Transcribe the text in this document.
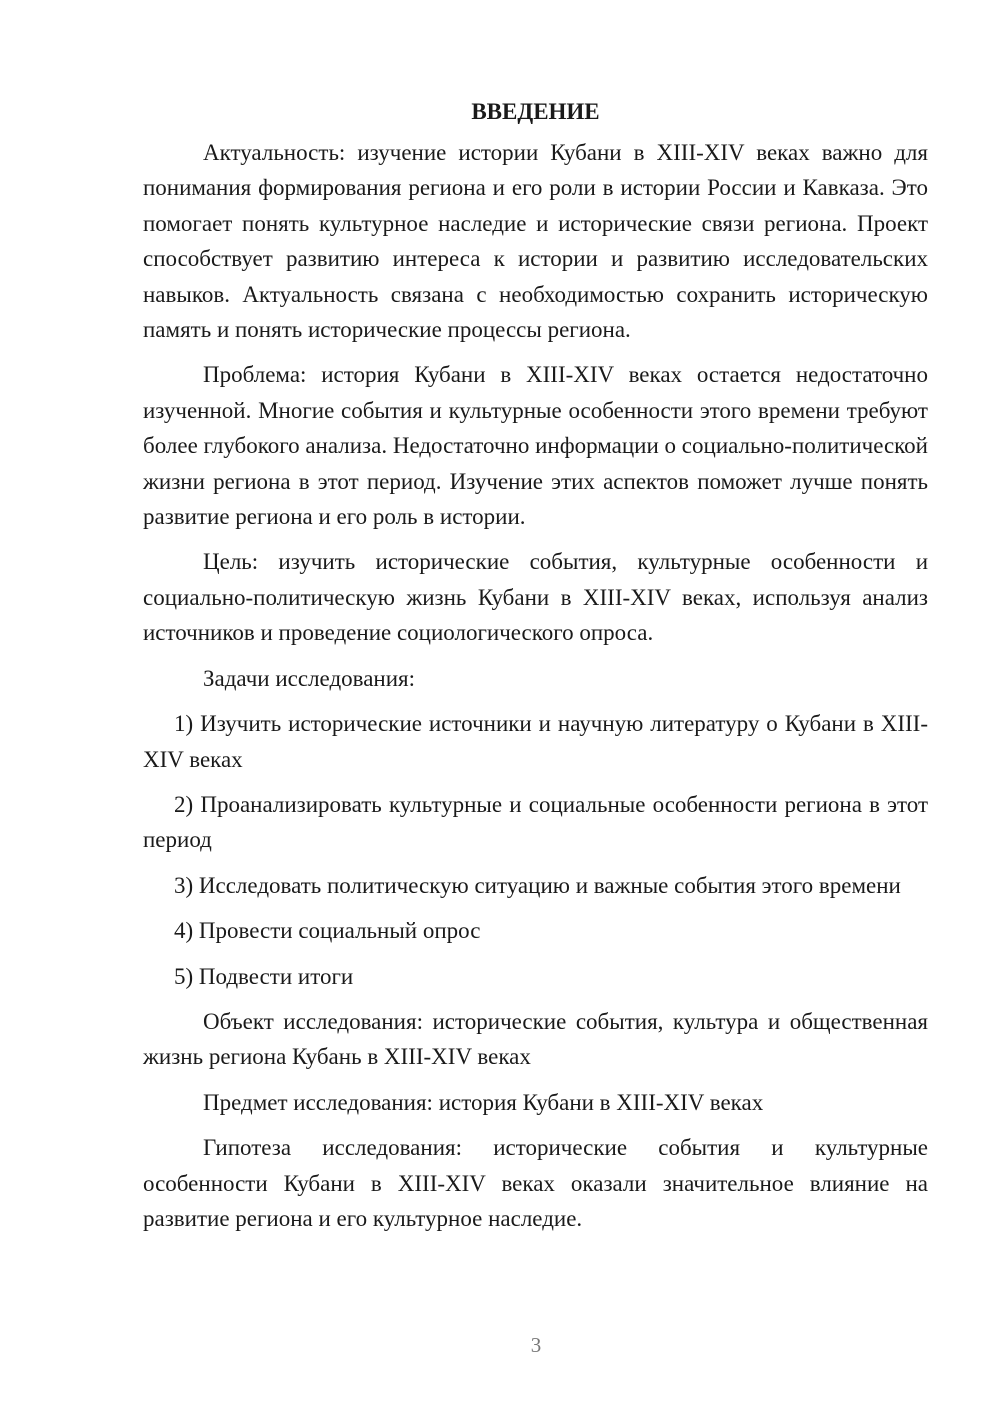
ВВЕДЕНИЕ

Актуальность: изучение истории Кубани в XIII-XIV веках важно для понимания формирования региона и его роли в истории России и Кавказа. Это помогает понять культурное наследие и исторические связи региона. Проект способствует развитию интереса к истории и развитию исследовательских навыков. Актуальность связана с необходимостью сохранить историческую память и понять исторические процессы региона.

Проблема: история Кубани в XIII-XIV веках остается недостаточно изученной. Многие события и культурные особенности этого времени требуют более глубокого анализа. Недостаточно информации о социально-политической жизни региона в этот период. Изучение этих аспектов поможет лучше понять развитие региона и его роль в истории.

Цель: изучить исторические события, культурные особенности и социально-политическую жизнь Кубани в XIII-XIV веках, используя анализ источников и проведение социологического опроса.

Задачи исследования:

1) Изучить исторические источники и научную литературу о Кубани в XIII-XIV веках

2) Проанализировать культурные и социальные особенности региона в этот период

3) Исследовать политическую ситуацию и важные события этого времени

4) Провести социальный опрос

5) Подвести итоги

Объект исследования: исторические события, культура и общественная жизнь региона Кубань в XIII-XIV веках

Предмет исследования: история Кубани в XIII-XIV веках

Гипотеза исследования: исторические события и культурные особенности Кубани в XIII-XIV веках оказали значительное влияние на развитие региона и его культурное наследие.

3
